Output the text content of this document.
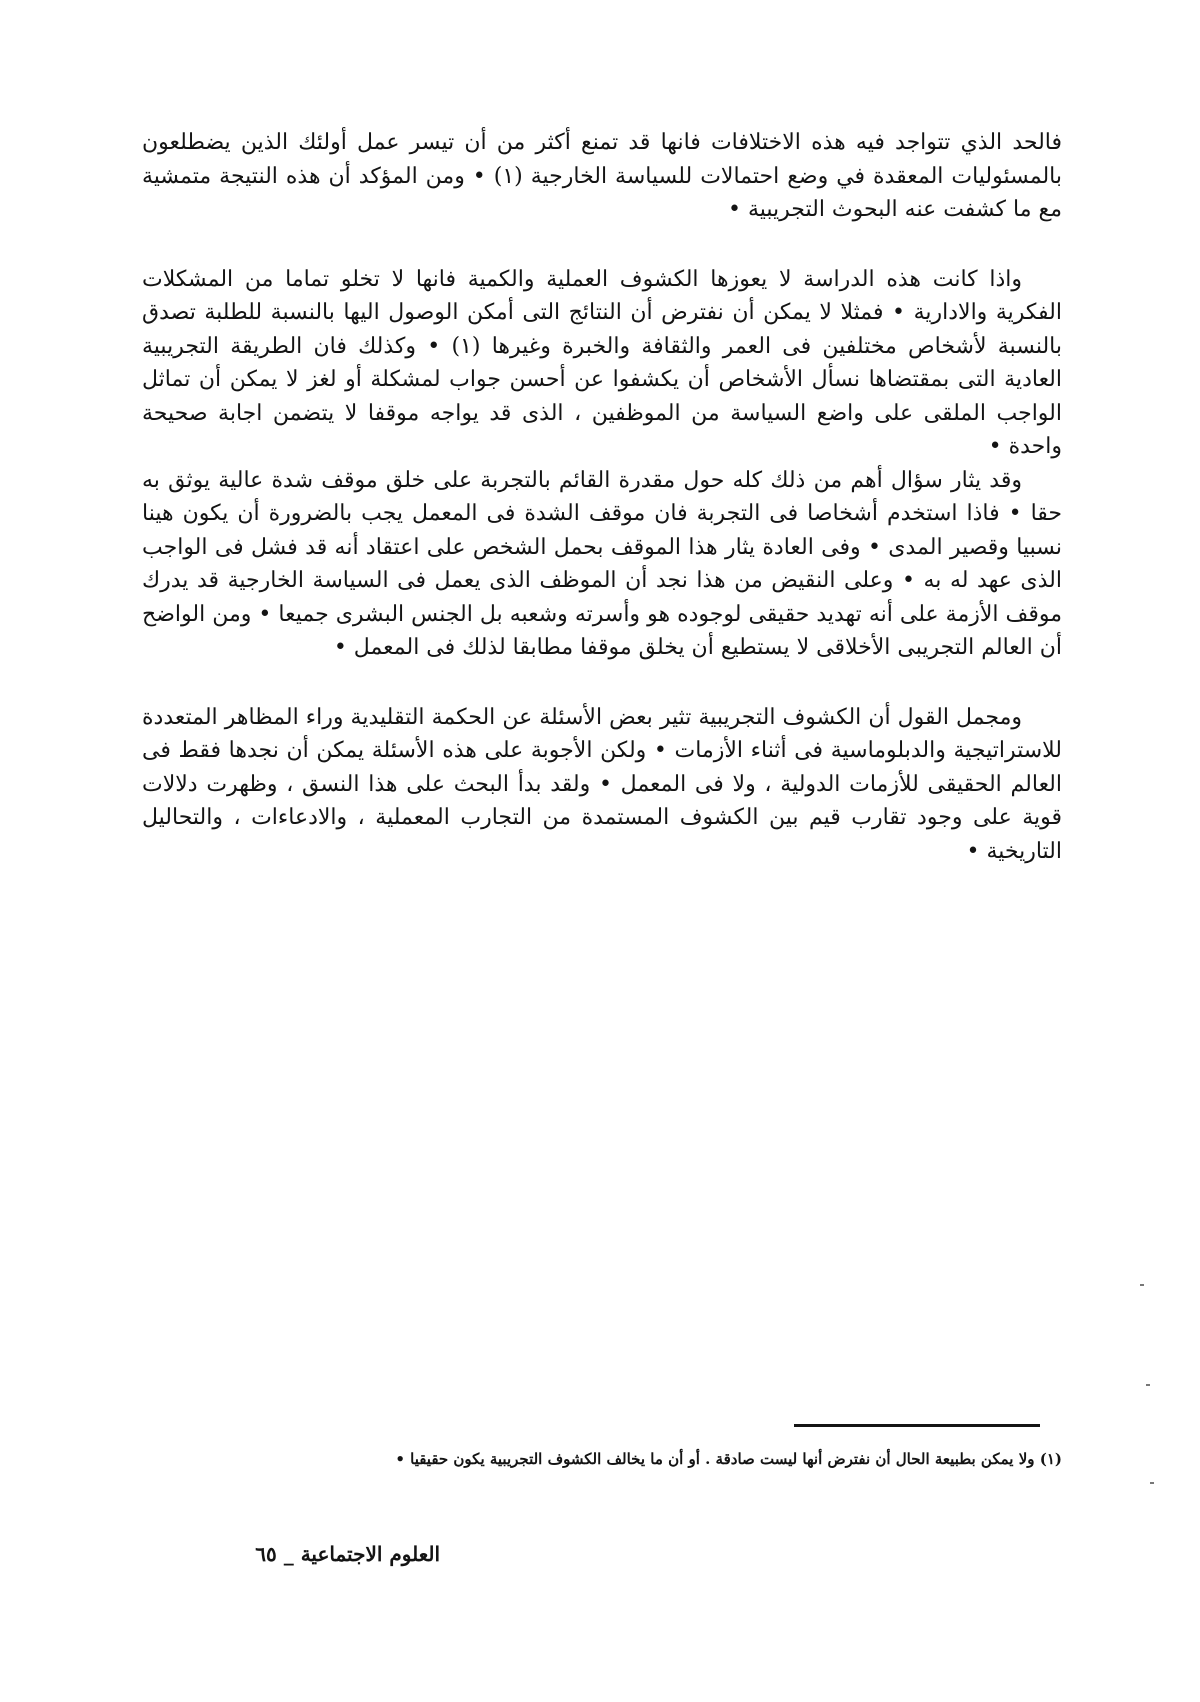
فالحد الذي تتواجد فيه هذه الاختلافات فانها قد تمنع أكثر من أن تيسر عمل أولئك الذين يضطلعون بالمسئوليات المعقدة في وضع احتمالات للسياسة الخارجية (١) • ومن المؤكد أن هذه النتيجة متمشية مع ما كشفت عنه البحوث التجريبية •

واذا كانت هذه الدراسة لا يعوزها الكشوف العملية والكمية فانها لا تخلو تماما من المشكلات الفكرية والادارية • فمثلا لا يمكن أن نفترض أن النتائج التى أمكن الوصول اليها بالنسبة للطلبة تصدق بالنسبة لأشخاص مختلفين فى العمر والثقافة والخبرة وغيرها (١) • وكذلك فان الطريقة التجريبية العادية التى بمقتضاها نسأل الأشخاص أن يكشفوا عن أحسن جواب لمشكلة أو لغز لا يمكن أن تماثل الواجب الملقى على واضع السياسة من الموظفين ، الذى قد يواجه موقفا لا يتضمن اجابة صحيحة واحدة •

وقد يثار سؤال أهم من ذلك كله حول مقدرة القائم بالتجربة على خلق موقف شدة عالية يوثق به حقا • فاذا استخدم أشخاصا فى التجربة فان موقف الشدة فى المعمل يجب بالضرورة أن يكون هينا نسبيا وقصير المدى • وفى العادة يثار هذا الموقف بحمل الشخص على اعتقاد أنه قد فشل فى الواجب الذى عهد له به • وعلى النقيض من هذا نجد أن الموظف الذى يعمل فى السياسة الخارجية قد يدرك موقف الأزمة على أنه تهديد حقيقى لوجوده هو وأسرته وشعبه بل الجنس البشرى جميعا • ومن الواضح أن العالم التجريبى الأخلاقى لا يستطيع أن يخلق موقفا مطابقا لذلك فى المعمل •

ومجمل القول أن الكشوف التجريبية تثير بعض الأسئلة عن الحكمة التقليدية وراء المظاهر المتعددة للاستراتيجية والدبلوماسية فى أثناء الأزمات • ولكن الأجوبة على هذه الأسئلة يمكن أن نجدها فقط فى العالم الحقيقى للأزمات الدولية ، ولا فى المعمل • ولقد بدأ البحث على هذا النسق ، وظهرت دلالات قوية على وجود تقارب قيم بين الكشوف المستمدة من التجارب المعملية ، والادعاءات ، والتحاليل التاريخية •

(١) ولا يمكن بطبيعة الحال أن نفترض أنها ليست صادقة . أو أن ما يخالف الكشوف التجريبية يكون حقيقيا •

العلوم الاجتماعية _ ٦٥
